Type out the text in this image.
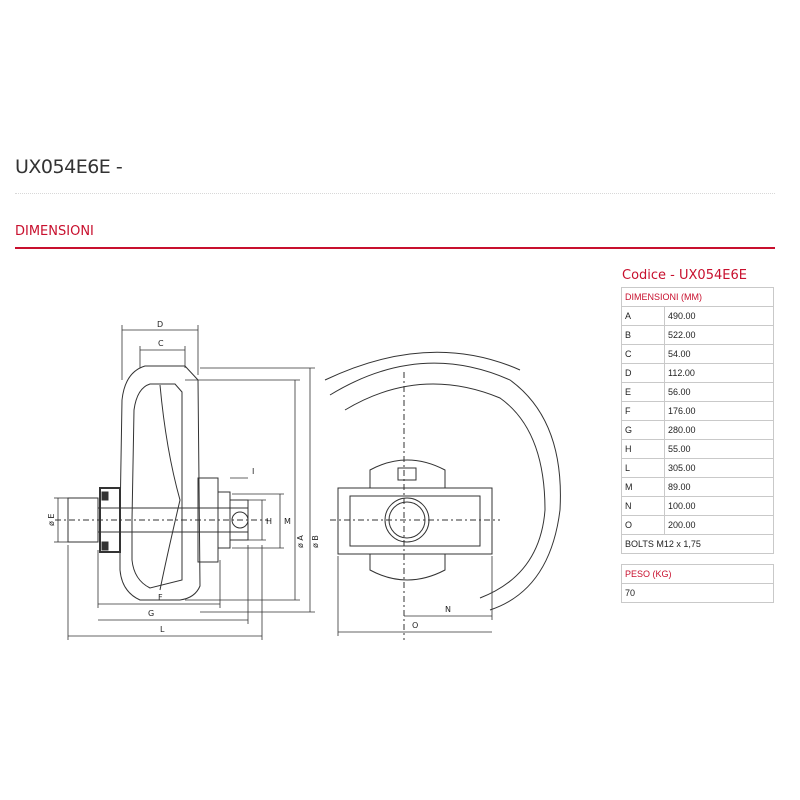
UX054E6E -
DIMENSIONI
D
C
I
ø E	H M
ø A ø B
F
G
L
N
O
Codice - UX054E6E
DIMENSIONI (MM)	
A	490.00
B	522.00
C	54.00
D	112.00
E	56.00
F	176.00
G	280.00
H	55.00
L	305.00
M	89.00
N	100.00
O	200.00
BOLTS M12 x 1,75	
PESO (KG)
70
